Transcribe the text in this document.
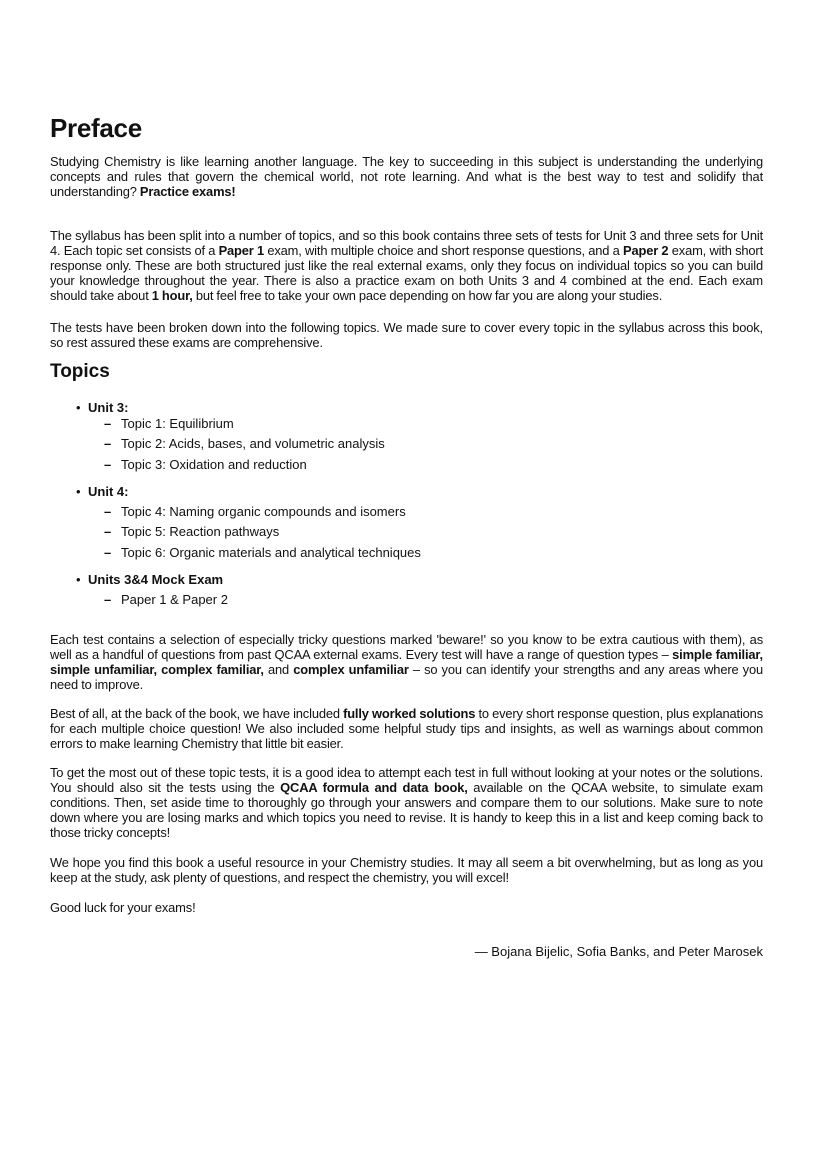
Preface

Studying Chemistry is like learning another language. The key to succeeding in this subject is understanding the underlying concepts and rules that govern the chemical world, not rote learning. And what is the best way to test and solidify that understanding? Practice exams!

The syllabus has been split into a number of topics, and so this book contains three sets of tests for Unit 3 and three sets for Unit 4. Each topic set consists of a Paper 1 exam, with multiple choice and short response questions, and a Paper 2 exam, with short response only. These are both structured just like the real external exams, only they focus on individual topics so you can build your knowledge throughout the year. There is also a practice exam on both Units 3 and 4 combined at the end. Each exam should take about 1 hour, but feel free to take your own pace depending on how far you are along your studies.

The tests have been broken down into the following topics. We made sure to cover every topic in the syllabus across this book, so rest assured these exams are comprehensive.

Topics
• Unit 3:
– Topic 1: Equilibrium
– Topic 2: Acids, bases, and volumetric analysis
– Topic 3: Oxidation and reduction
• Unit 4:
– Topic 4: Naming organic compounds and isomers
– Topic 5: Reaction pathways
– Topic 6: Organic materials and analytical techniques
• Units 3&4 Mock Exam
– Paper 1 & Paper 2

Each test contains a selection of especially tricky questions marked 'beware!' so you know to be extra cautious with them), as well as a handful of questions from past QCAA external exams. Every test will have a range of question types – simple familiar, simple unfamiliar, complex familiar, and complex unfamiliar – so you can identify your strengths and any areas where you need to improve.

Best of all, at the back of the book, we have included fully worked solutions to every short response question, plus explanations for each multiple choice question! We also included some helpful study tips and insights, as well as warnings about common errors to make learning Chemistry that little bit easier.

To get the most out of these topic tests, it is a good idea to attempt each test in full without looking at your notes or the solutions. You should also sit the tests using the QCAA formula and data book, available on the QCAA website, to simulate exam conditions. Then, set aside time to thoroughly go through your answers and compare them to our solutions. Make sure to note down where you are losing marks and which topics you need to revise. It is handy to keep this in a list and keep coming back to those tricky concepts!

We hope you find this book a useful resource in your Chemistry studies. It may all seem a bit overwhelming, but as long as you keep at the study, ask plenty of questions, and respect the chemistry, you will excel!

Good luck for your exams!

— Bojana Bijelic, Sofia Banks, and Peter Marosek
